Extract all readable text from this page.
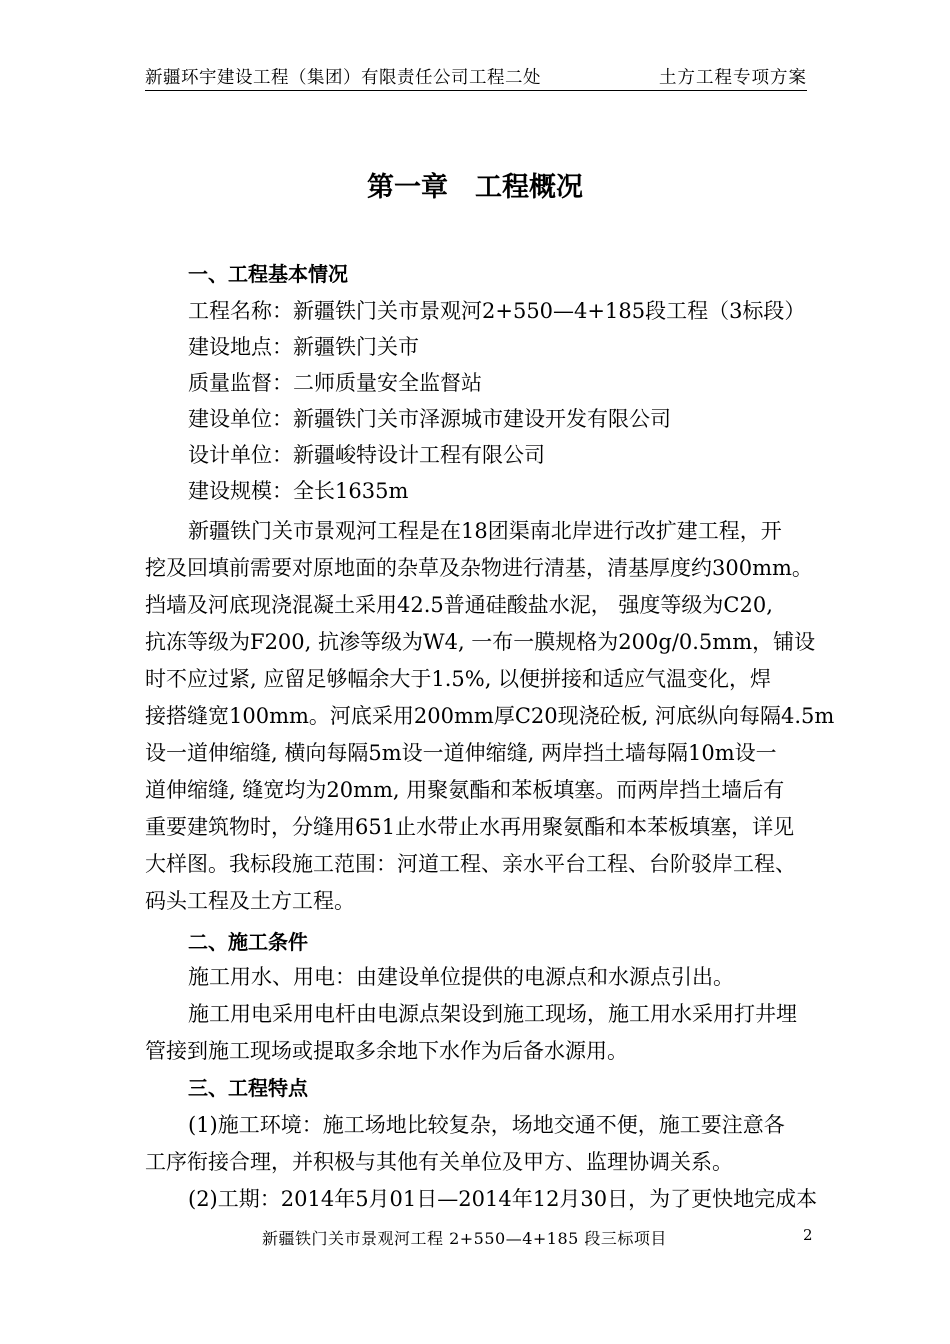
新疆环宇建设工程（集团）有限责任公司工程二处	土方工程专项方案
第一章　工程概况
一、工程基本情况
工程名称：新疆铁门关市景观河2+550—4+185段工程（3标段）
建设地点：新疆铁门关市
质量监督：二师质量安全监督站
建设单位：新疆铁门关市泽源城市建设开发有限公司
设计单位：新疆峻特设计工程有限公司
建设规模：全长1635m
新疆铁门关市景观河工程是在18团渠南北岸进行改扩建工程，开
挖及回填前需要对原地面的杂草及杂物进行清基，清基厚度约300mm。
挡墙及河底现浇混凝土采用42.5普通硅酸盐水泥， 强度等级为C20,
抗冻等级为F200, 抗渗等级为W4, 一布一膜规格为200g/0.5mm，铺设
时不应过紧, 应留足够幅余大于1.5%, 以便拼接和适应气温变化，焊
接搭缝宽100mm。河底采用200mm厚C20现浇砼板, 河底纵向每隔4.5m
设一道伸缩缝, 横向每隔5m设一道伸缩缝, 两岸挡土墙每隔10m设一
道伸缩缝, 缝宽均为20mm, 用聚氨酯和苯板填塞。而两岸挡土墙后有
重要建筑物时，分缝用651止水带止水再用聚氨酯和本苯板填塞，详见
大样图。我标段施工范围：河道工程、亲水平台工程、台阶驳岸工程、
码头工程及土方工程。
二、施工条件
施工用水、用电：由建设单位提供的电源点和水源点引出。
施工用电采用电杆由电源点架设到施工现场，施工用水采用打井埋
管接到施工现场或提取多余地下水作为后备水源用。
三、工程特点
(1)施工环境：施工场地比较复杂，场地交通不便，施工要注意各
工序衔接合理，并积极与其他有关单位及甲方、监理协调关系。
(2)工期：2014年5月01日—2014年12月30日，为了更快地完成本
新疆铁门关市景观河工程 2+550—4+185 段三标项目	2
